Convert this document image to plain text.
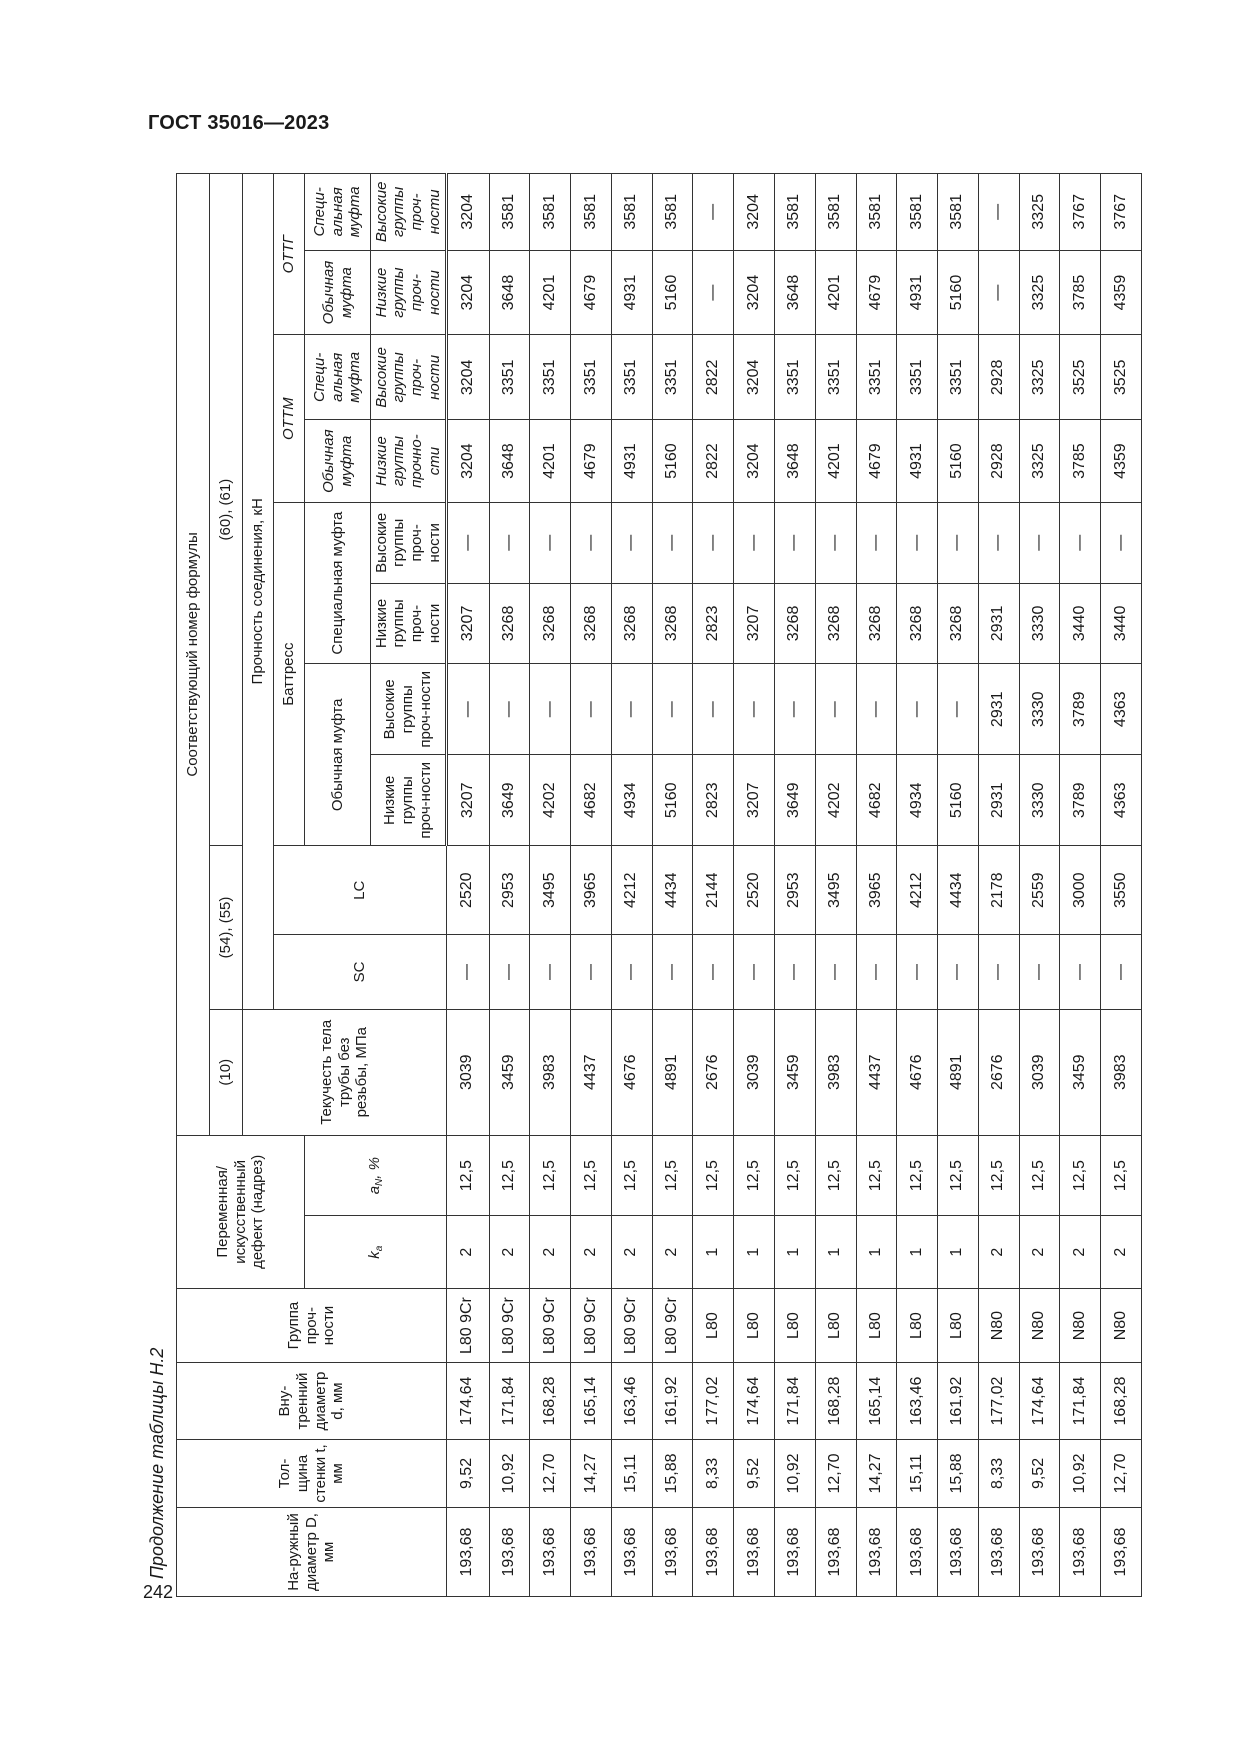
ГОСТ 35016—2023
242
Продолжение таблицы Н.2	На-ружный диаметр D, мм	Тол-щина стенки t, мм	Вну-тренний диаметр d, мм	Группа проч-ности	Переменная/искусственный дефект (надрез)		Соответствующий номер формулы										
						(10)	(54), (55)		(60), (61)							
						Текучесть тела трубы без резьбы, МПа	Прочность соединения, кН									
							SC	LC	Баттресс				ОТТМ		ОТТГ	
				$k_а$	$a_N$, %				Обычная муфта		Специальная муфта		Обычная муфта	Специ-альная муфта	Обычная муфта	Специ-альная муфта
									Низкие группы проч-ности	Высокие группы проч-ности	Низкие группы проч-ности	Высокие группы проч-ности	Низкие группы прочно-сти	Высокие группы проч-ности	Низкие группы проч-ности	Высокие группы проч-ности
193,68	9,52	174,64	L80 9Cr	2	12,5	3039	—	2520	3207	—	3207	—	3204	3204	3204	3204
193,68	10,92	171,84	L80 9Cr	2	12,5	3459	—	2953	3649	—	3268	—	3648	3351	3648	3581
193,68	12,70	168,28	L80 9Cr	2	12,5	3983	—	3495	4202	—	3268	—	4201	3351	4201	3581
193,68	14,27	165,14	L80 9Cr	2	12,5	4437	—	3965	4682	—	3268	—	4679	3351	4679	3581
193,68	15,11	163,46	L80 9Cr	2	12,5	4676	—	4212	4934	—	3268	—	4931	3351	4931	3581
193,68	15,88	161,92	L80 9Cr	2	12,5	4891	—	4434	5160	—	3268	—	5160	3351	5160	3581
193,68	8,33	177,02	L80	1	12,5	2676	—	2144	2823	—	2823	—	2822	2822	—	—
193,68	9,52	174,64	L80	1	12,5	3039	—	2520	3207	—	3207	—	3204	3204	3204	3204
193,68	10,92	171,84	L80	1	12,5	3459	—	2953	3649	—	3268	—	3648	3351	3648	3581
193,68	12,70	168,28	L80	1	12,5	3983	—	3495	4202	—	3268	—	4201	3351	4201	3581
193,68	14,27	165,14	L80	1	12,5	4437	—	3965	4682	—	3268	—	4679	3351	4679	3581
193,68	15,11	163,46	L80	1	12,5	4676	—	4212	4934	—	3268	—	4931	3351	4931	3581
193,68	15,88	161,92	L80	1	12,5	4891	—	4434	5160	—	3268	—	5160	3351	5160	3581
193,68	8,33	177,02	N80	2	12,5	2676	—	2178	2931	2931	2931	—	2928	2928	—	—
193,68	9,52	174,64	N80	2	12,5	3039	—	2559	3330	3330	3330	—	3325	3325	3325	3325
193,68	10,92	171,84	N80	2	12,5	3459	—	3000	3789	3789	3440	—	3785	3525	3785	3767
193,68	12,70	168,28	N80	2	12,5	3983	—	3550	4363	4363	3440	—	4359	3525	4359	3767
